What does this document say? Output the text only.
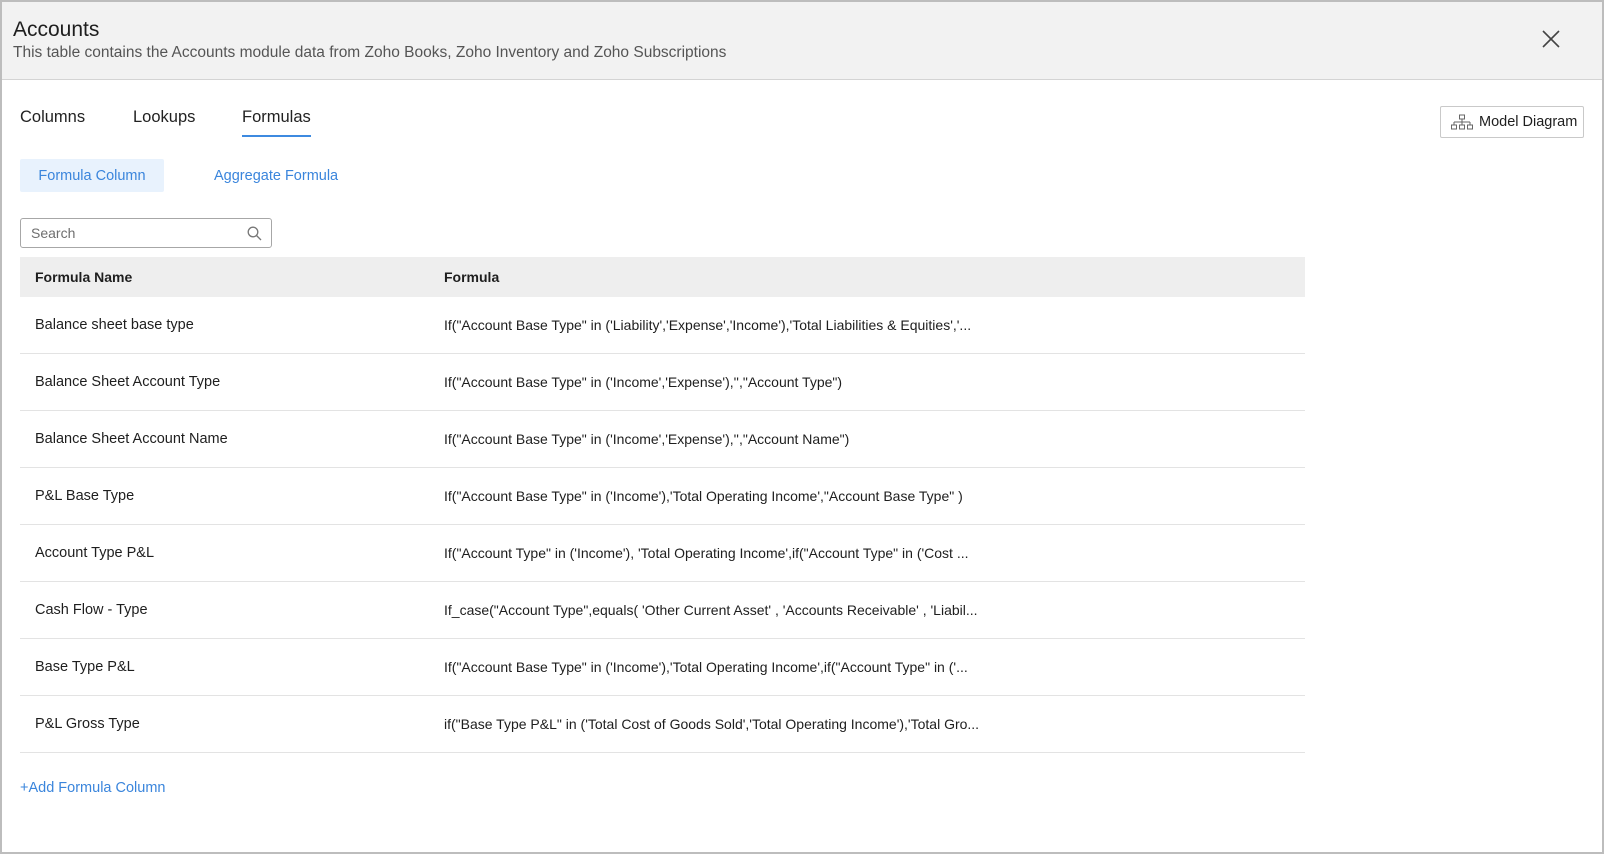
Accounts
This table contains the Accounts module data from Zoho Books, Zoho Inventory and Zoho Subscriptions
Columns	Lookups	Formulas	Model Diagram
Formula Column	Aggregate Formula
Search
Formula Name	Formula
Balance sheet base type	If("Account Base Type" in ('Liability','Expense','Income'),'Total Liabilities & Equities','...
Balance Sheet Account Type	If("Account Base Type" in ('Income','Expense'),'',"Account Type")
Balance Sheet Account Name	If("Account Base Type" in ('Income','Expense'),'',"Account Name")
P&L Base Type	If("Account Base Type" in ('Income'),'Total Operating Income',"Account Base Type" )
Account Type P&L	If("Account Type" in ('Income'), 'Total Operating Income',if("Account Type" in ('Cost ...
Cash Flow - Type	If_case("Account Type",equals( 'Other Current Asset' , 'Accounts Receivable' , 'Liabil...
Base Type P&L	If("Account Base Type" in ('Income'),'Total Operating Income',if("Account Type" in ('...
P&L Gross Type	if("Base Type P&L" in ('Total Cost of Goods Sold','Total Operating Income'),'Total Gro...
+Add Formula Column
